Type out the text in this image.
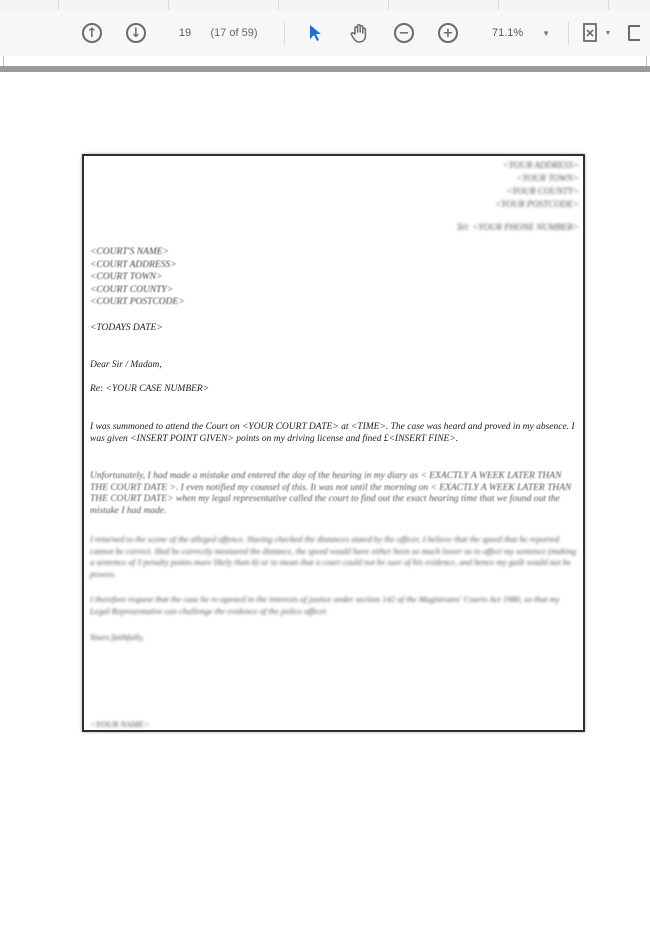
↑	↓	19	(17 of 59)	−	+	71.1% ▼	▼
<YOUR ADDRESS>
<YOUR TOWN>
<YOUR COUNTY>
<YOUR POSTCODE>
Tel: <YOUR PHONE NUMBER>
<COURT'S NAME>
<COURT ADDRESS>
<COURT TOWN>
<COURT COUNTY>
<COURT POSTCODE>
<TODAYS DATE>
Dear Sir / Madam,
Re: <YOUR CASE NUMBER>
I was summoned to attend the Court on <YOUR COURT DATE> at <TIME>. The case was heard and proved in my absence. I was given <INSERT POINT GIVEN> points on my driving license and fined £<INSERT FINE>.
Unfortunately, I had made a mistake and entered the day of the hearing in my diary as < EXACTLY A WEEK LATER THAN THE COURT DATE >. I even notified my counsel of this. It was not until the morning on < EXACTLY A WEEK LATER THAN THE COURT DATE> when my legal representative called the court to find out the exact hearing time that we found out the mistake I had made.
I returned to the scene of the alleged offence. Having checked the distances stated by the officer, I believe that the speed that he reported cannot be correct. Had he correctly measured the distance, the speed would have either been so much lower as to affect my sentence (making a sentence of 3 penalty points more likely than 6) or to mean that a court could not be sure of his evidence, and hence my guilt would not be proven.
I therefore request that the case be re-opened in the interests of justice under section 142 of the Magistrates' Courts Act 1980, so that my Legal Representative can challenge the evidence of the police officer.
Yours faithfully,
<YOUR NAME>
